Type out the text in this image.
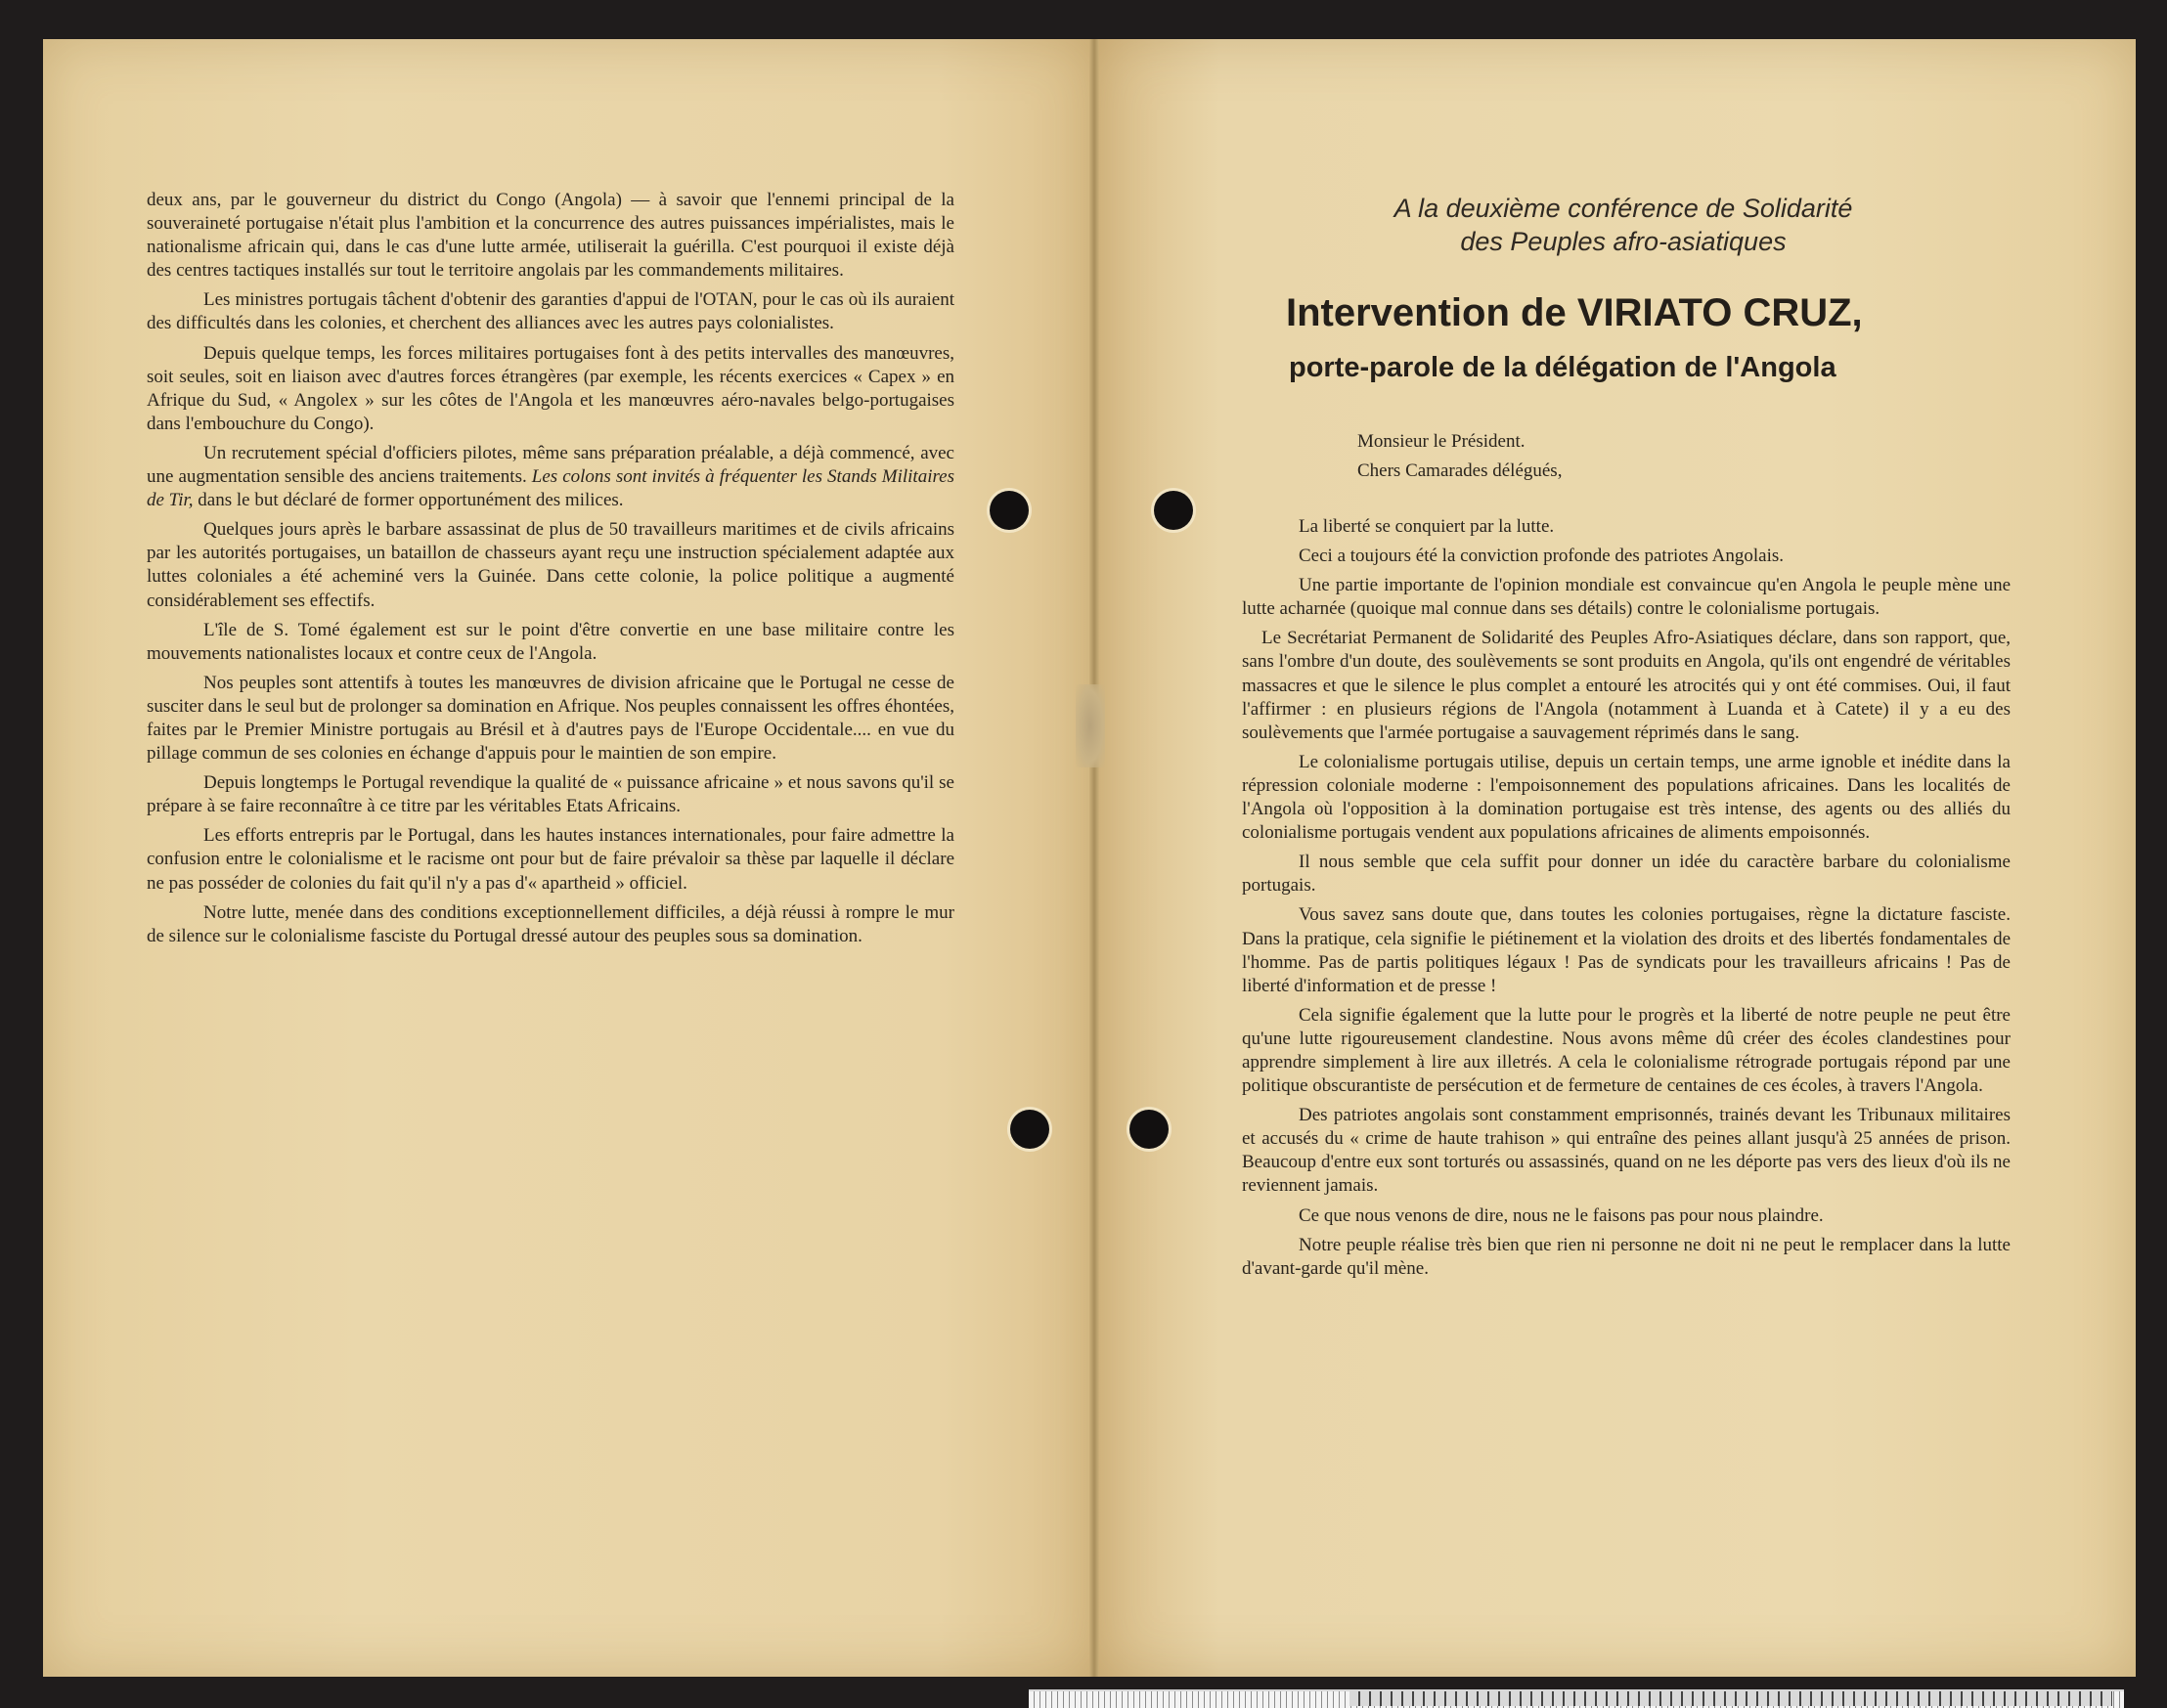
deux ans, par le gouverneur du district du Congo (Angola) — à savoir que l'ennemi principal de la souveraineté portugaise n'était plus l'ambition et la concurrence des autres puissances impérialistes, mais le nationalisme africain qui, dans le cas d'une lutte armée, utiliserait la guérilla. C'est pourquoi il existe déjà des centres tactiques installés sur tout le territoire angolais par les commandements militaires.

Les ministres portugais tâchent d'obtenir des garanties d'appui de l'OTAN, pour le cas où ils auraient des difficultés dans les colonies, et cherchent des alliances avec les autres pays colonialistes.

Depuis quelque temps, les forces militaires portugaises font à des petits intervalles des manœuvres, soit seules, soit en liaison avec d'autres forces étrangères (par exemple, les récents exercices « Capex » en Afrique du Sud, « Angolex » sur les côtes de l'Angola et les manœuvres aéro-navales belgo-portugaises dans l'embouchure du Congo).

Un recrutement spécial d'officiers pilotes, même sans préparation préalable, a déjà commencé, avec une augmentation sensible des anciens traitements. Les colons sont invités à fréquenter les Stands Militaires de Tir, dans le but déclaré de former opportunément des milices.

Quelques jours après le barbare assassinat de plus de 50 travailleurs maritimes et de civils africains par les autorités portugaises, un bataillon de chasseurs ayant reçu une instruction spécialement adaptée aux luttes coloniales a été acheminé vers la Guinée. Dans cette colonie, la police politique a augmenté considérablement ses effectifs.

L'île de S. Tomé également est sur le point d'être convertie en une base militaire contre les mouvements nationalistes locaux et contre ceux de l'Angola.

Nos peuples sont attentifs à toutes les manœuvres de division africaine que le Portugal ne cesse de susciter dans le seul but de prolonger sa domination en Afrique. Nos peuples connaissent les offres éhontées, faites par le Premier Ministre portugais au Brésil et à d'autres pays de l'Europe Occidentale.... en vue du pillage commun de ses colonies en échange d'appuis pour le maintien de son empire.

Depuis longtemps le Portugal revendique la qualité de « puissance africaine » et nous savons qu'il se prépare à se faire reconnaître à ce titre par les véritables Etats Africains.

Les efforts entrepris par le Portugal, dans les hautes instances internationales, pour faire admettre la confusion entre le colonialisme et le racisme ont pour but de faire prévaloir sa thèse par laquelle il déclare ne pas posséder de colonies du fait qu'il n'y a pas d'« apartheid » officiel.

Notre lutte, menée dans des conditions exceptionnellement difficiles, a déjà réussi à rompre le mur de silence sur le colonialisme fasciste du Portugal dressé autour des peuples sous sa domination.

A la deuxième conférence de Solidarité
des Peuples afro-asiatiques
Intervention de VIRIATO CRUZ,
porte-parole de la délégation de l'Angola
Monsieur le Président.
Chers Camarades délégués,

La liberté se conquiert par la lutte.

Ceci a toujours été la conviction profonde des patriotes Angolais.

Une partie importante de l'opinion mondiale est convaincue qu'en Angola le peuple mène une lutte acharnée (quoique mal connue dans ses détails) contre le colonialisme portugais.

Le Secrétariat Permanent de Solidarité des Peuples Afro-Asiatiques déclare, dans son rapport, que, sans l'ombre d'un doute, des soulèvements se sont produits en Angola, qu'ils ont engendré de véritables massacres et que le silence le plus complet a entouré les atrocités qui y ont été commises. Oui, il faut l'affirmer : en plusieurs régions de l'Angola (notamment à Luanda et à Catete) il y a eu des soulèvements que l'armée portugaise a sauvagement réprimés dans le sang.

Le colonialisme portugais utilise, depuis un certain temps, une arme ignoble et inédite dans la répression coloniale moderne : l'empoisonnement des populations africaines. Dans les localités de l'Angola où l'opposition à la domination portugaise est très intense, des agents ou des alliés du colonialisme portugais vendent aux populations africaines de aliments empoisonnés.

Il nous semble que cela suffit pour donner un idée du caractère barbare du colonialisme portugais.

Vous savez sans doute que, dans toutes les colonies portugaises, règne la dictature fasciste. Dans la pratique, cela signifie le piétinement et la violation des droits et des libertés fondamentales de l'homme. Pas de partis politiques légaux ! Pas de syndicats pour les travailleurs africains ! Pas de liberté d'information et de presse !

Cela signifie également que la lutte pour le progrès et la liberté de notre peuple ne peut être qu'une lutte rigoureusement clandestine. Nous avons même dû créer des écoles clandestines pour apprendre simplement à lire aux illetrés. A cela le colonialisme rétrograde portugais répond par une politique obscurantiste de persécution et de fermeture de centaines de ces écoles, à travers l'Angola.

Des patriotes angolais sont constamment emprisonnés, trainés devant les Tribunaux militaires et accusés du « crime de haute trahison » qui entraîne des peines allant jusqu'à 25 années de prison. Beaucoup d'entre eux sont torturés ou assassinés, quand on ne les déporte pas vers des lieux d'où ils ne reviennent jamais.

Ce que nous venons de dire, nous ne le faisons pas pour nous plaindre.

Notre peuple réalise très bien que rien ni personne ne doit ni ne peut le remplacer dans la lutte d'avant-garde qu'il mène.
